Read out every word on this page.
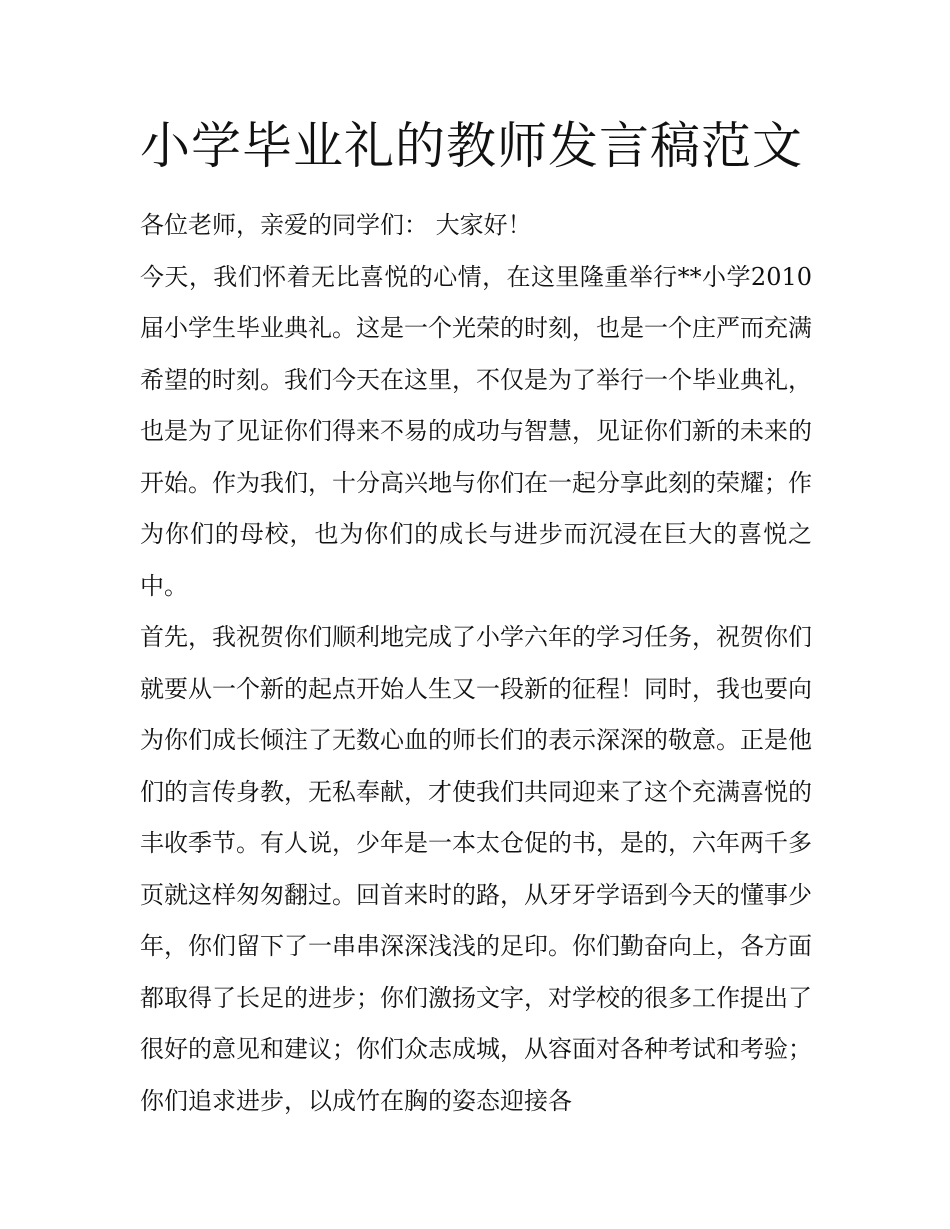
小学毕业礼的教师发言稿范文

各位老师，亲爱的同学们： 大家好！

今天，我们怀着无比喜悦的心情，在这里隆重举行**小学2010届小学生毕业典礼。这是一个光荣的时刻，也是一个庄严而充满希望的时刻。我们今天在这里，不仅是为了举行一个毕业典礼，也是为了见证你们得来不易的成功与智慧，见证你们新的未来的开始。作为我们，十分高兴地与你们在一起分享此刻的荣耀；作为你们的母校，也为你们的成长与进步而沉浸在巨大的喜悦之中。

首先，我祝贺你们顺利地完成了小学六年的学习任务，祝贺你们就要从一个新的起点开始人生又一段新的征程！同时，我也要向为你们成长倾注了无数心血的师长们的表示深深的敬意。正是他们的言传身教，无私奉献，才使我们共同迎来了这个充满喜悦的丰收季节。有人说，少年是一本太仓促的书，是的，六年两千多页就这样匆匆翻过。回首来时的路，从牙牙学语到今天的懂事少年，你们留下了一串串深深浅浅的足印。你们勤奋向上，各方面都取得了长足的进步；你们激扬文字，对学校的很多工作提出了很好的意见和建议；你们众志成城，从容面对各种考试和考验；你们追求进步，以成竹在胸的姿态迎接各
